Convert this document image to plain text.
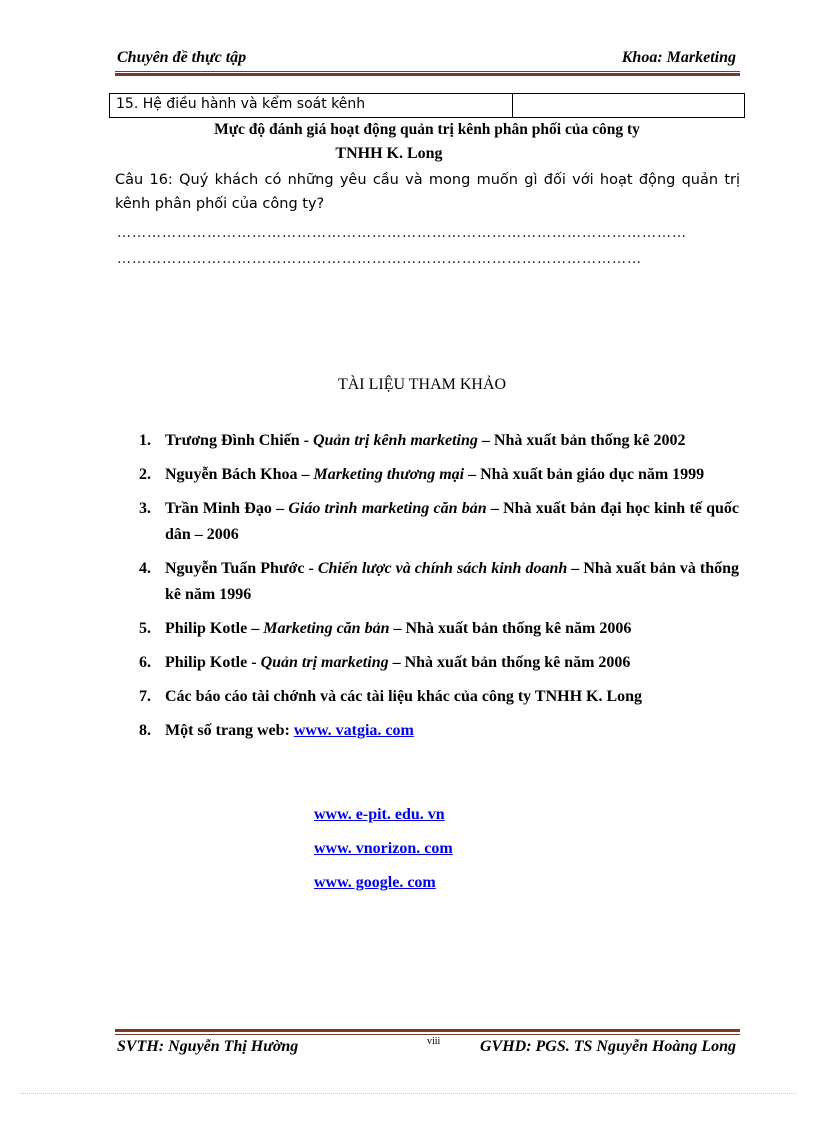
Chuyên đề thực tập	Khoa: Marketing
15. Hệ điều hành và kểm soát kênh
Mực độ đánh giá hoạt động quản trị kênh phân phối của công ty
TNHH K. Long
Câu 16: Quý khách có những yêu cầu và mong muốn gì đối với hoạt động quản trị
kênh phân phối của công ty?
……………………………………………………………………………………………………
……………………………………………………………………………………………
TÀI LIỆU THAM KHẢO
1. Trương Đình Chiến - Quản trị kênh marketing – Nhà xuất bản thống kê 2002
2. Nguyễn Bách Khoa – Marketing thương mại – Nhà xuất bản giáo dục năm 1999
3. Trần Minh Đạo – Giáo trình marketing căn bản – Nhà xuất bản đại học kinh tế quốc dân – 2006
4. Nguyễn Tuấn Phước - Chiến lược và chính sách kinh doanh – Nhà xuất bản và thống kê năm 1996
5. Philip Kotle – Marketing căn bản – Nhà xuất bản thống kê năm 2006
6. Philip Kotle - Quản trị marketing – Nhà xuất bản thống kê năm 2006
7. Các báo cáo tài chớnh và các tài liệu khác của công ty TNHH K. Long
8. Một số trang web: www. vatgia. com
www. e-pit. edu. vn
www. vnorizon. com
www. google. com
SVTH: Nguyễn Thị Hường	viii GVHD: PGS. TS Nguyễn Hoàng Long
